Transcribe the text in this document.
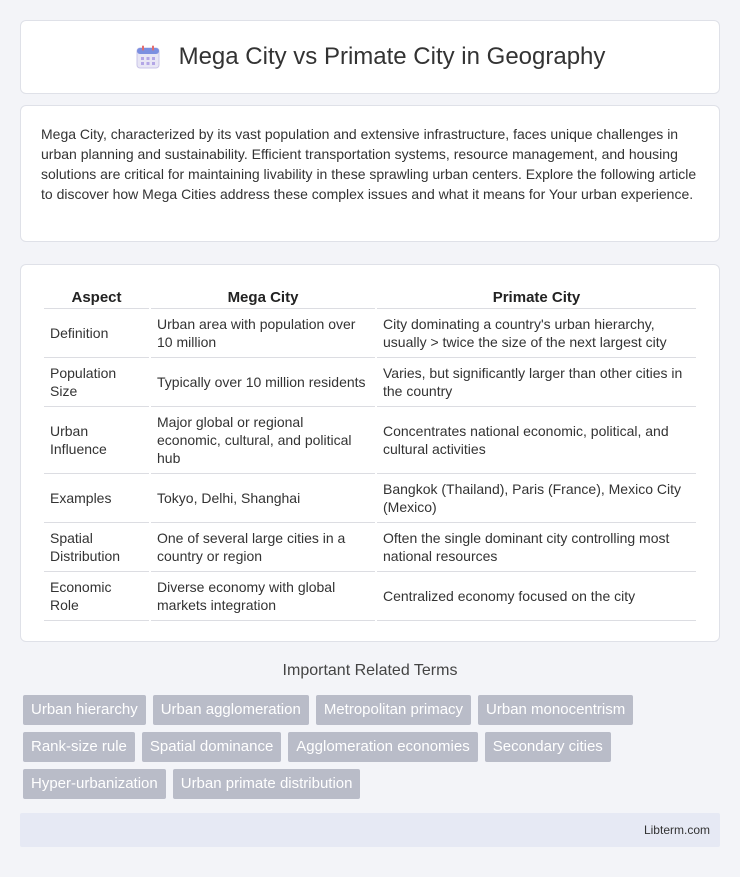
Mega City vs Primate City in Geography

Mega City, characterized by its vast population and extensive infrastructure, faces unique challenges in urban planning and sustainability. Efficient transportation systems, resource management, and housing solutions are critical for maintaining livability in these sprawling urban centers. Explore the following article to discover how Mega Cities address these complex issues and what it means for Your urban experience.

Aspect	Mega City	Primate City
Definition	Urban area with population over 10 million	City dominating a country's urban hierarchy, usually > twice the size of the next largest city
Population Size	Typically over 10 million residents	Varies, but significantly larger than other cities in the country
Urban Influence	Major global or regional economic, cultural, and political hub	Concentrates national economic, political, and cultural activities
Examples	Tokyo, Delhi, Shanghai	Bangkok (Thailand), Paris (France), Mexico City (Mexico)
Spatial Distribution	One of several large cities in a country or region	Often the single dominant city controlling most national resources
Economic Role	Diverse economy with global markets integration	Centralized economy focused on the city
Important Related Terms
Urban hierarchy	Urban agglomeration	Metropolitan primacy	Urban monocentrism
Rank-size rule	Spatial dominance	Agglomeration economies	Secondary cities
Hyper-urbanization	Urban primate distribution
Libterm.com
